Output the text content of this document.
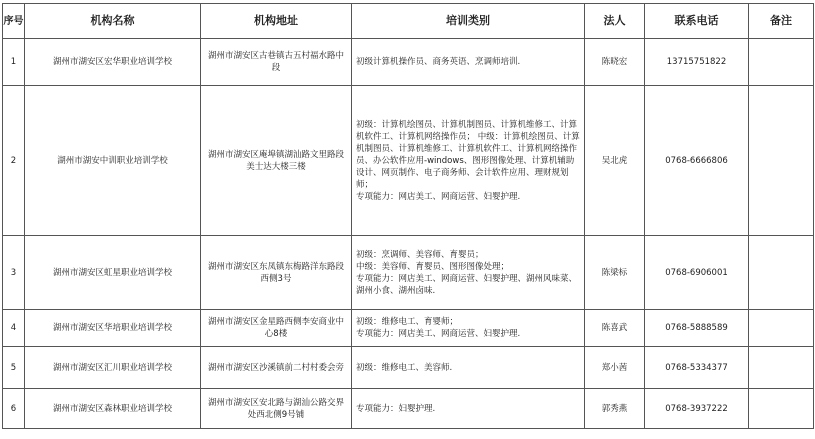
序号	机构名称	机构地址	培训类别	法人	联系电话	备注
1	湖州市湖安区宏华职业培训学校	湖州市湖安区古巷镇古五村福水路中段	初级计算机操作员、商务英语、烹调师培训.	陈晓宏	13715751822	
2	湖州市湖安中训职业培训学校	湖州市湖安区庵埠镇湖汕路文里路段美士达大楼三楼	初级：计算机绘图员、计算机制图员、计算机维修工、计算机软件工、计算机网络操作员； 中级：计算机绘图员、计算机制图员、计算机维修工、计算机软件工、计算机网络操作员、办公软件应用-windows、图形图像处理、计算机辅助设计、网页制作、电子商务师、会计软件应用、理财规划师；
专项能力：网店美工、网商运营、妇婴护理.	吴北虎	0768-6666806	
3	湖州市湖安区虹星职业培训学校	湖州市湖安区东凤镇东梅路洋东路段西侧3号	初级：烹调师、美容师、育婴员；
中级：美容师、育婴员、图形图像处理；
专项能力：网店美工、网商运营、妇婴护理、湖州风味菜、湖州小食、湖州卤味.	陈梁标	0768-6906001	
4	湖州市湖安区华培职业培训学校	湖州市湖安区金星路西侧李安商业中心8楼	初级：维修电工、育婴师；
专项能力：网店美工、网商运营、妇婴护理.	陈喜武	0768-5888589	
5	湖州市湖安区汇川职业培训学校	湖州市湖安区沙溪镇前二村村委会旁	初级：维修电工、美容师.	郑小茜	0768-5334377	
6	湖州市湖安区森林职业培训学校	湖州市湖安区安北路与湖汕公路交界处西北侧9号铺	专项能力：妇婴护理.	郭秀燕	0768-3937222	
